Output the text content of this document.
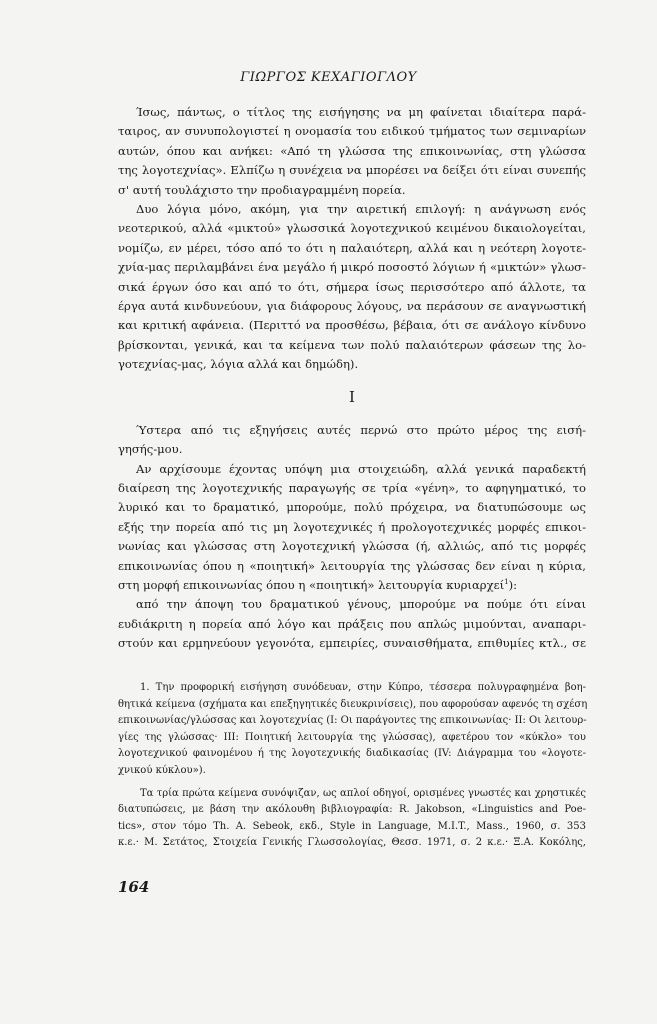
ΓΙΩΡΓΟΣ ΚΕΧΑΓΙΟΓΛΟΥ
Ίσως, πάντως, ο τίτλος της εισήγησης να μη φαίνεται ιδιαίτερα παρά-
ταιρος, αν συνυπολογιστεί η ονομασία του ειδικού τμήματος των σεμιναρίων
αυτών, όπου και ανήκει: «Από τη γλώσσα της επικοινωνίας, στη γλώσσα
της λογοτεχνίας». Ελπίζω η συνέχεια να μπορέσει να δείξει ότι είναι συνεπής
σ' αυτή τουλάχιστο την προδιαγραμμένη πορεία.
Δυο λόγια μόνο, ακόμη, για την αιρετική επιλογή: η ανάγνωση ενός
νεοτερικού, αλλά «μικτού» γλωσσικά λογοτεχνικού κειμένου δικαιολογείται,
νομίζω, εν μέρει, τόσο από το ότι η παλαιότερη, αλλά και η νεότερη λογοτε-
χνία-μας περιλαμβάνει ένα μεγάλο ή μικρό ποσοστό λόγιων ή «μικτών» γλωσ-
σικά έργων όσο και από το ότι, σήμερα ίσως περισσότερο από άλλοτε, τα
έργα αυτά κινδυνεύουν, για διάφορους λόγους, να περάσουν σε αναγνωστική
και κριτική αφάνεια. (Περιττό να προσθέσω, βέβαια, ότι σε ανάλογο κίνδυνο
βρίσκονται, γενικά, και τα κείμενα των πολύ παλαιότερων φάσεων της λο-
γοτεχνίας-μας, λόγια αλλά και δημώδη).
I
Ύστερα από τις εξηγήσεις αυτές περνώ στο πρώτο μέρος της εισή-
γησής-μου.
Αν αρχίσουμε έχοντας υπόψη μια στοιχειώδη, αλλά γενικά παραδεκτή
διαίρεση της λογοτεχνικής παραγωγής σε τρία «γένη», το αφηγηματικό, το
λυρικό και το δραματικό, μπορούμε, πολύ πρόχειρα, να διατυπώσουμε ως
εξής την πορεία από τις μη λογοτεχνικές ή προλογοτεχνικές μορφές επικοι-
νωνίας και γλώσσας στη λογοτεχνική γλώσσα (ή, αλλιώς, από τις μορφές
επικοινωνίας όπου η «ποιητική» λειτουργία της γλώσσας δεν είναι η κύρια,
στη μορφή επικοινωνίας όπου η «ποιητική» λειτουργία κυριαρχεί$^1$):
από την άποψη του δραματικού γένους, μπορούμε να πούμε ότι είναι
ευδιάκριτη η πορεία από λόγο και πράξεις που απλώς μιμούνται, αναπαρι-
στούν και ερμηνεύουν γεγονότα, εμπειρίες, συναισθήματα, επιθυμίες κτλ., σε
1. Την προφορική εισήγηση συνόδευαν, στην Κύπρο, τέσσερα πολυγραφημένα βοη-
θητικά κείμενα (σχήματα και επεξηγητικές διευκρινίσεις), που αφορούσαν αφενός τη σχέση
επικοινωνίας/γλώσσας και λογοτεχνίας (Ι: Οι παράγοντες της επικοινωνίας· ΙΙ: Οι λειτουρ-
γίες της γλώσσας· ΙΙΙ: Ποιητική λειτουργία της γλώσσας), αφετέρου τον «κύκλο» του
λογοτεχνικού φαινομένου ή της λογοτεχνικής διαδικασίας (IV: Διάγραμμα του «λογοτε-
χνικού κύκλου»).
Τα τρία πρώτα κείμενα συνόψιζαν, ως απλοί οδηγοί, ορισμένες γνωστές και χρηστικές
διατυπώσεις, με βάση την ακόλουθη βιβλιογραφία: R. Jakobson, «Linguistics and Poe-
tics», στον τόμο Th. A. Sebeok, εκδ., Style in Language, M.I.T., Mass., 1960, σ. 353
κ.ε.· Μ. Σετάτος, Στοιχεία Γενικής Γλωσσολογίας, Θεσσ. 1971, σ. 2 κ.ε.· Ξ.Α. Κοκόλης,
164
